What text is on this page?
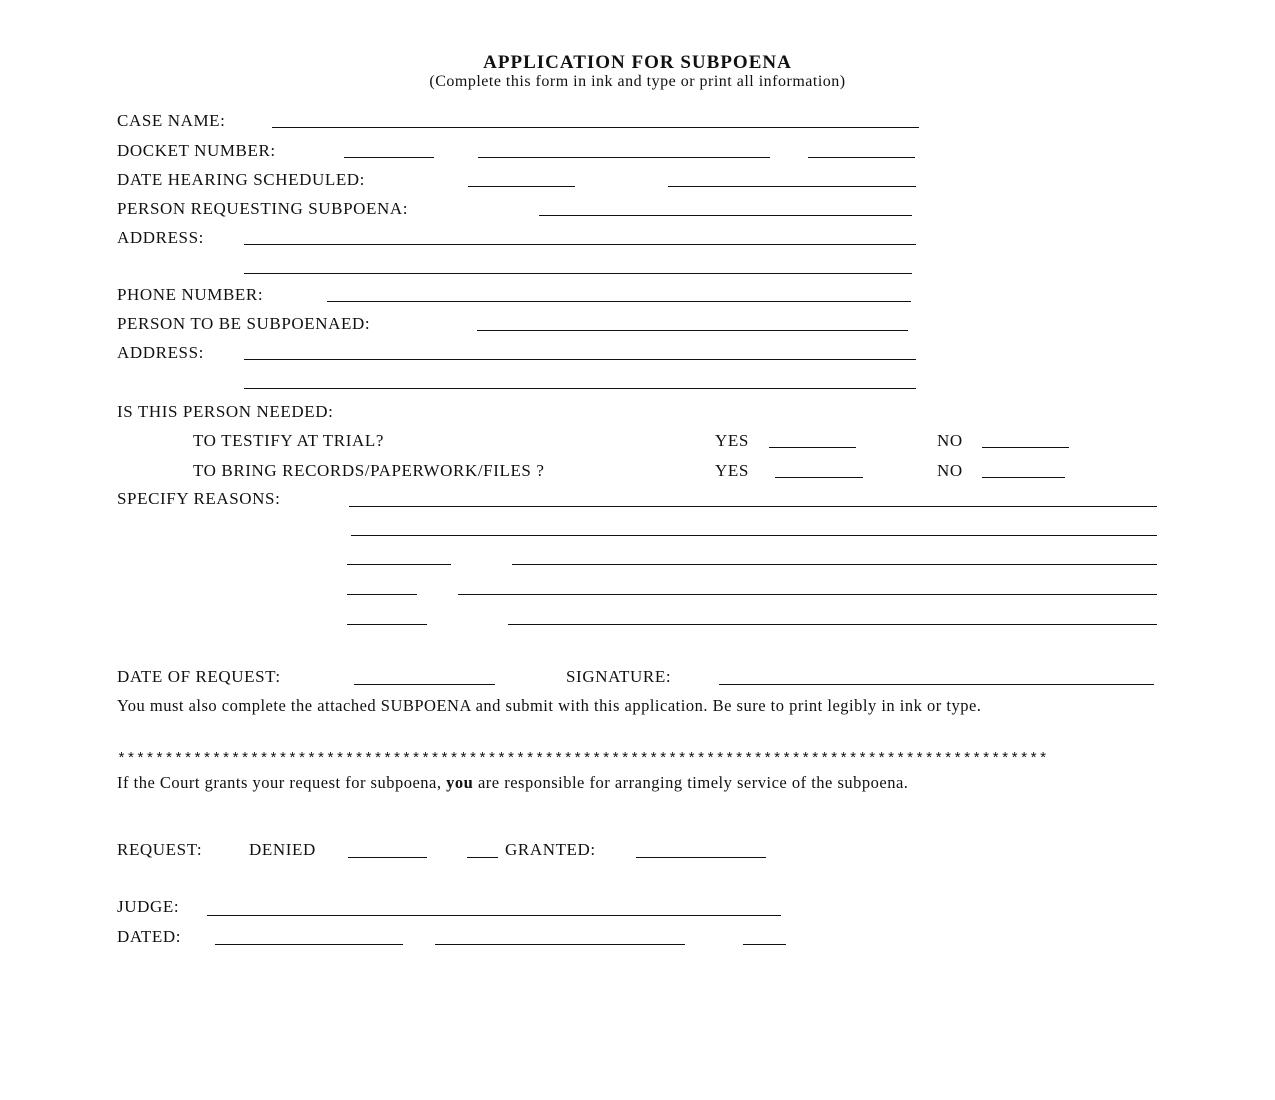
APPLICATION FOR SUBPOENA
(Complete this form in ink and type or print all information)
CASE NAME:
DOCKET NUMBER:
DATE HEARING SCHEDULED:
PERSON REQUESTING SUBPOENA:
ADDRESS:
PHONE NUMBER:
PERSON TO BE SUBPOENAED:
ADDRESS:
IS THIS PERSON NEEDED:
TO TESTIFY AT TRIAL?	YES	NO
TO BRING RECORDS/PAPERWORK/FILES ?	YES	NO
SPECIFY REASONS:
DATE OF REQUEST:	SIGNATURE:
You must also complete the attached SUBPOENA and submit with this application. Be sure to print legibly in ink or type.
**************************************************************************************************
If the Court grants your request for subpoena, you are responsible for arranging timely service of the subpoena.
REQUEST:	DENIED	GRANTED:
JUDGE:
DATED:
